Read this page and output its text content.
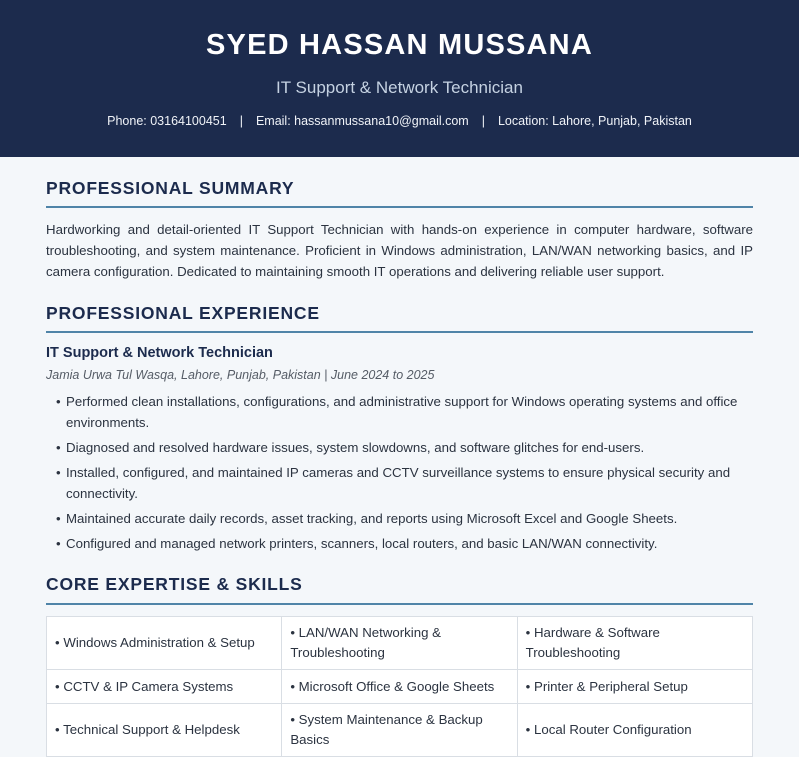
SYED HASSAN MUSSANA
IT Support & Network Technician
Phone: 03164100451 | Email: hassanmussana10@gmail.com | Location: Lahore, Punjab, Pakistan
PROFESSIONAL SUMMARY
Hardworking and detail-oriented IT Support Technician with hands-on experience in computer hardware, software troubleshooting, and system maintenance. Proficient in Windows administration, LAN/WAN networking basics, and IP camera configuration. Dedicated to maintaining smooth IT operations and delivering reliable user support.
PROFESSIONAL EXPERIENCE
IT Support & Network Technician
Jamia Urwa Tul Wasqa, Lahore, Punjab, Pakistan | June 2024 to 2025
• Performed clean installations, configurations, and administrative support for Windows operating systems and office environments.
• Diagnosed and resolved hardware issues, system slowdowns, and software glitches for end-users.
• Installed, configured, and maintained IP cameras and CCTV surveillance systems to ensure physical security and connectivity.
• Maintained accurate daily records, asset tracking, and reports using Microsoft Excel and Google Sheets.
• Configured and managed network printers, scanners, local routers, and basic LAN/WAN connectivity.
CORE EXPERTISE & SKILLS
• Windows Administration & Setup	• LAN/WAN Networking & Troubleshooting	• Hardware & Software Troubleshooting
• CCTV & IP Camera Systems	• Microsoft Office & Google Sheets	• Printer & Peripheral Setup
• Technical Support & Helpdesk	• System Maintenance & Backup Basics	• Local Router Configuration
